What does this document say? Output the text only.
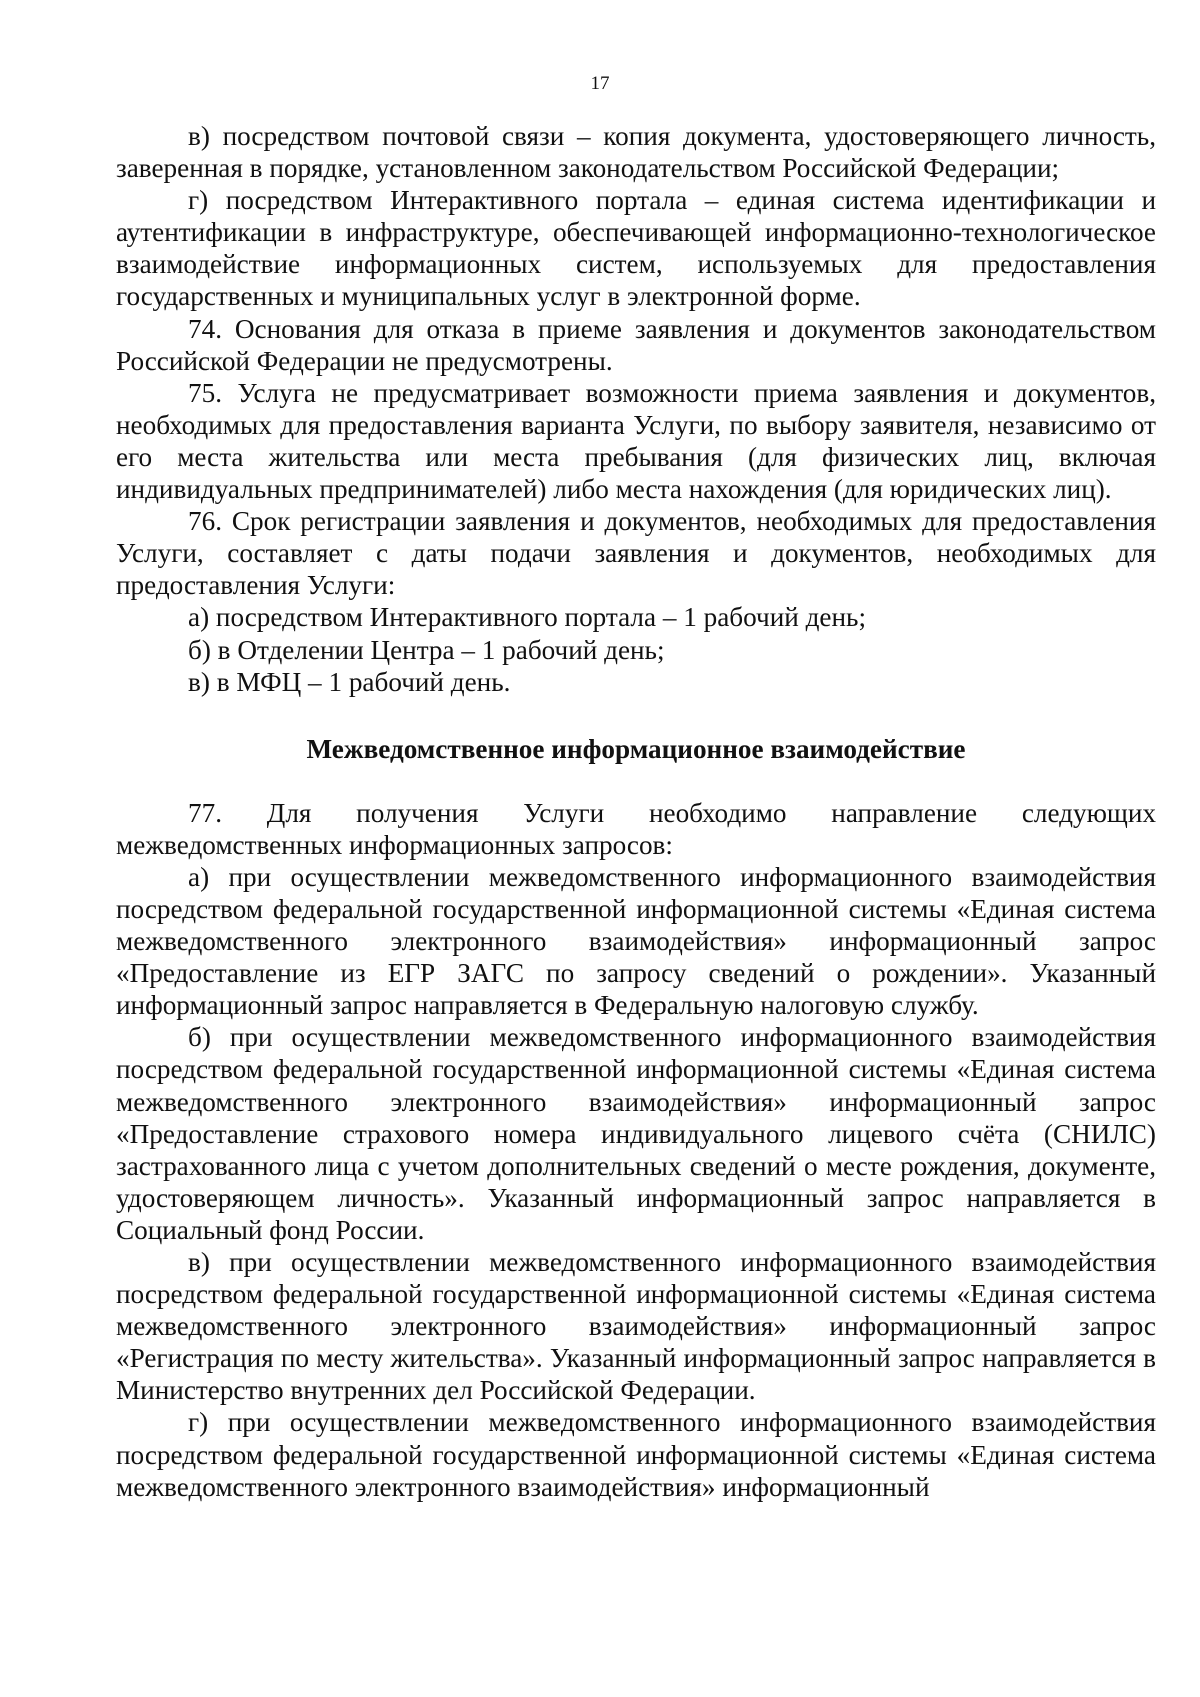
17

в) посредством почтовой связи – копия документа, удостоверяющего личность, заверенная в порядке, установленном законодательством Российской Федерации;

г) посредством Интерактивного портала – единая система идентификации и аутентификации в инфраструктуре, обеспечивающей информационно-технологическое взаимодействие информационных систем, используемых для предоставления государственных и муниципальных услуг в электронной форме.

74. Основания для отказа в приеме заявления и документов законодательством Российской Федерации не предусмотрены.

75. Услуга не предусматривает возможности приема заявления и документов, необходимых для предоставления варианта Услуги, по выбору заявителя, независимо от его места жительства или места пребывания (для физических лиц, включая индивидуальных предпринимателей) либо места нахождения (для юридических лиц).

76. Срок регистрации заявления и документов, необходимых для предоставления Услуги, составляет с даты подачи заявления и документов, необходимых для предоставления Услуги:

а) посредством Интерактивного портала – 1 рабочий день;

б) в Отделении Центра – 1 рабочий день;

в) в МФЦ – 1 рабочий день.

Межведомственное информационное взаимодействие

77. Для получения Услуги необходимо направление следующих межведомственных информационных запросов:

а) при осуществлении межведомственного информационного взаимодействия посредством федеральной государственной информационной системы «Единая система межведомственного электронного взаимодействия» информационный запрос «Предоставление из ЕГР ЗАГС по запросу сведений о рождении». Указанный информационный запрос направляется в Федеральную налоговую службу.

б) при осуществлении межведомственного информационного взаимодействия посредством федеральной государственной информационной системы «Единая система межведомственного электронного взаимодействия» информационный запрос «Предоставление страхового номера индивидуального лицевого счёта (СНИЛС) застрахованного лица с учетом дополнительных сведений о месте рождения, документе, удостоверяющем личность». Указанный информационный запрос направляется в Социальный фонд России.

в) при осуществлении межведомственного информационного взаимодействия посредством федеральной государственной информационной системы «Единая система межведомственного электронного взаимодействия» информационный запрос «Регистрация по месту жительства». Указанный информационный запрос направляется в Министерство внутренних дел Российской Федерации.

г) при осуществлении межведомственного информационного взаимодействия посредством федеральной государственной информационной системы «Единая система межведомственного электронного взаимодействия» информационный
